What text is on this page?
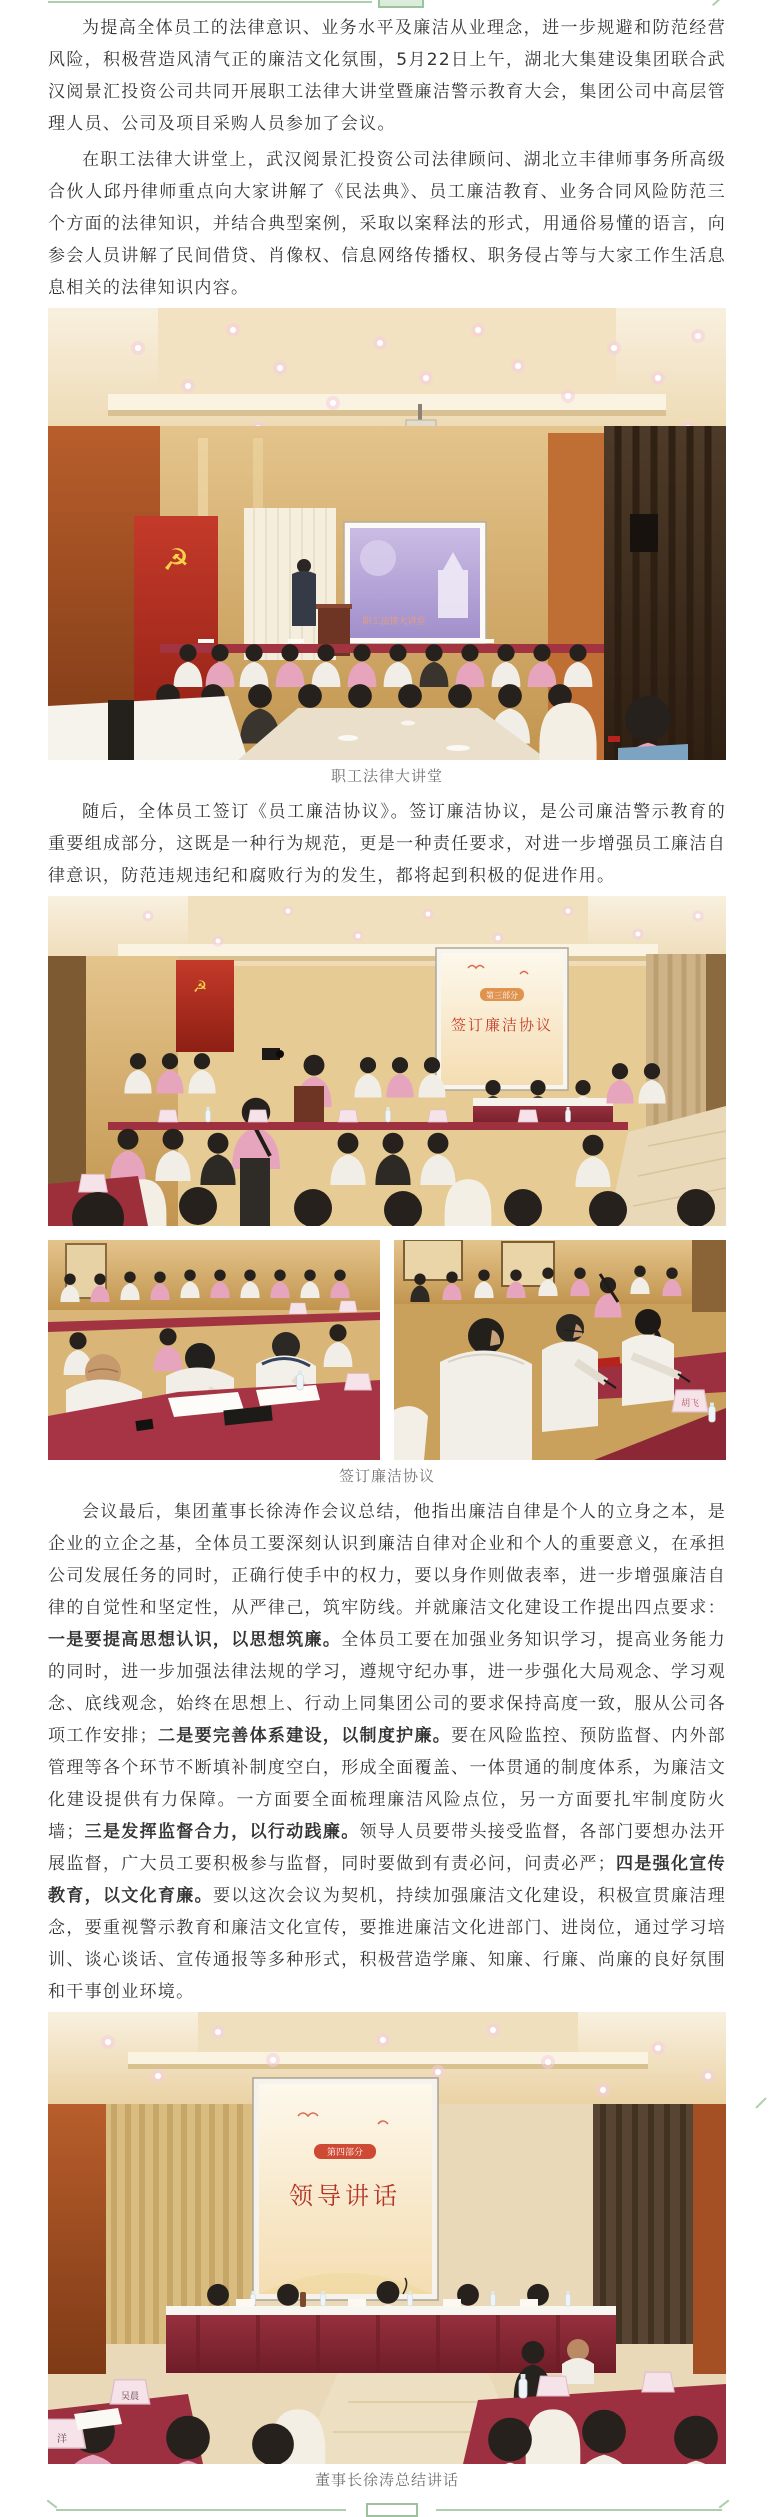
为提高全体员工的法律意识、业务水平及廉洁从业理念，进一步规避和防范经营风险，积极营造风清气正的廉洁文化氛围，5月22日上午，湖北大集建设集团联合武汉阅景汇投资公司共同开展职工法律大讲堂暨廉洁警示教育大会，集团公司中高层管理人员、公司及项目采购人员参加了会议。

在职工法律大讲堂上，武汉阅景汇投资公司法律顾问、湖北立丰律师事务所高级合伙人邱丹律师重点向大家讲解了《民法典》、员工廉洁教育、业务合同风险防范三个方面的法律知识，并结合典型案例，采取以案释法的形式，用通俗易懂的语言，向参会人员讲解了民间借贷、肖像权、信息网络传播权、职务侵占等与大家工作生活息息相关的法律知识内容。

☭
职工法律大讲堂
职工法律大讲堂

随后，全体员工签订《员工廉洁协议》。签订廉洁协议，是公司廉洁警示教育的重要组成部分，这既是一种行为规范，更是一种责任要求，对进一步增强员工廉洁自律意识，防范违规违纪和腐败行为的发生，都将起到积极的促进作用。

☭	第三部分
签订廉洁协议
胡飞
签订廉洁协议

会议最后，集团董事长徐涛作会议总结，他指出廉洁自律是个人的立身之本，是企业的立企之基，全体员工要深刻认识到廉洁自律对企业和个人的重要意义，在承担公司发展任务的同时，正确行使手中的权力，要以身作则做表率，进一步增强廉洁自律的自觉性和坚定性，从严律己，筑牢防线。并就廉洁文化建设工作提出四点要求：一是要提高思想认识，以思想筑廉。全体员工要在加强业务知识学习，提高业务能力的同时，进一步加强法律法规的学习，遵规守纪办事，进一步强化大局观念、学习观念、底线观念，始终在思想上、行动上同集团公司的要求保持高度一致，服从公司各项工作安排；二是要完善体系建设，以制度护廉。要在风险监控、预防监督、内外部管理等各个环节不断填补制度空白，形成全面覆盖、一体贯通的制度体系，为廉洁文化建设提供有力保障。一方面要全面梳理廉洁风险点位，另一方面要扎牢制度防火墙；三是发挥监督合力，以行动践廉。领导人员要带头接受监督，各部门要想办法开展监督，广大员工要积极参与监督，同时要做到有责必问，问责必严；四是强化宣传教育，以文化育廉。要以这次会议为契机，持续加强廉洁文化建设，积极宣贯廉洁理念，要重视警示教育和廉洁文化宣传，要推进廉洁文化进部门、进岗位，通过学习培训、谈心谈话、宣传通报等多种形式，积极营造学廉、知廉、行廉、尚廉的良好氛围和干事创业环境。

第四部分
领导讲话
吴晨
洋
董事长徐涛总结讲话
